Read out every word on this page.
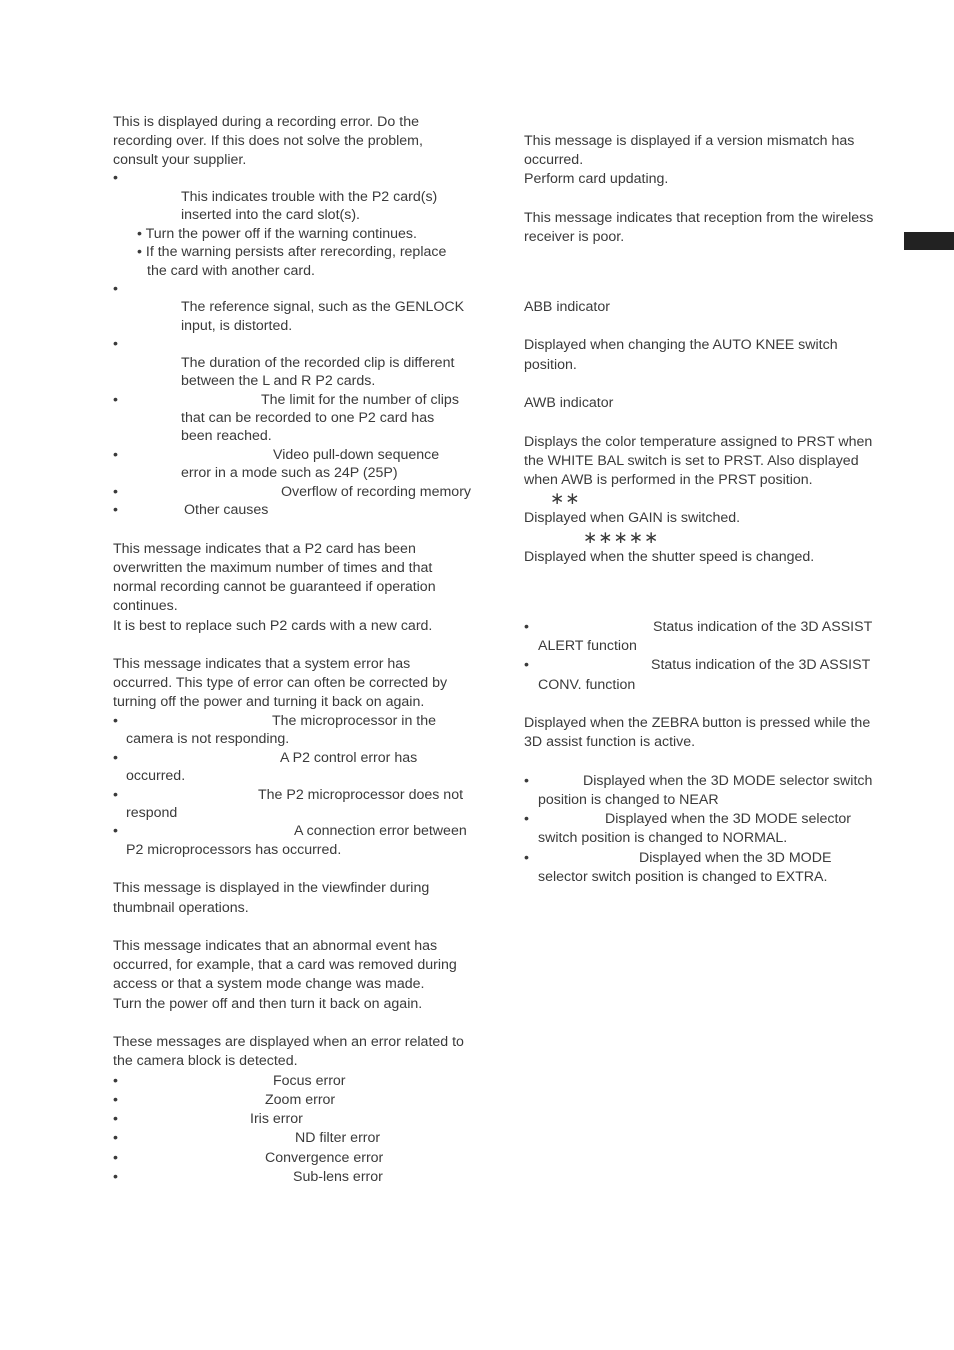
This is displayed during a recording error. Do the

recording over. If this does not solve the problem,

consult your supplier.

•

This indicates trouble with the P2 card(s)

inserted into the card slot(s).

• Turn the power off if the warning continues.

• If the warning persists after rerecording, replace

the card with another card.

•

The reference signal, such as the GENLOCK

input, is distorted.

•

The duration of the recorded clip is different

between the L and R P2 cards.

•	The limit for the number of clips

that can be recorded to one P2 card has

been reached.

•	Video pull-down sequence

error in a mode such as 24P (25P)

•	Overflow of recording memory

•	Other causes

This message indicates that a P2 card has been

overwritten the maximum number of times and that

normal recording cannot be guaranteed if operation

continues.

It is best to replace such P2 cards with a new card.

This message indicates that a system error has

occurred. This type of error can often be corrected by

turning off the power and turning it back on again.

•	The microprocessor in the

camera is not responding.

•	A P2 control error has

occurred.

•	The P2 microprocessor does not

respond

•	A connection error between

P2 microprocessors has occurred.

This message is displayed in the viewfinder during

thumbnail operations.

This message indicates that an abnormal event has

occurred, for example, that a card was removed during

access or that a system mode change was made.

Turn the power off and then turn it back on again.

These messages are displayed when an error related to

the camera block is detected.

•	Focus error

•	Zoom error

•	Iris error

•	ND filter error

•	Convergence error

•	Sub-lens error

This message is displayed if a version mismatch has

occurred.

Perform card updating.

This message indicates that reception from the wireless

receiver is poor.

ABB indicator

Displayed when changing the AUTO KNEE switch

position.

AWB indicator

Displays the color temperature assigned to PRST when

the WHITE BAL switch is set to PRST. Also displayed

when AWB is performed in the PRST position.

∗∗

Displayed when GAIN is switched.

∗∗∗∗∗

Displayed when the shutter speed is changed.

•	Status indication of the 3D ASSIST

ALERT function

•	Status indication of the 3D ASSIST

CONV. function

Displayed when the ZEBRA button is pressed while the

3D assist function is active.

•	Displayed when the 3D MODE selector switch

position is changed to NEAR

•	Displayed when the 3D MODE selector

switch position is changed to NORMAL.

•	Displayed when the 3D MODE

selector switch position is changed to EXTRA.
